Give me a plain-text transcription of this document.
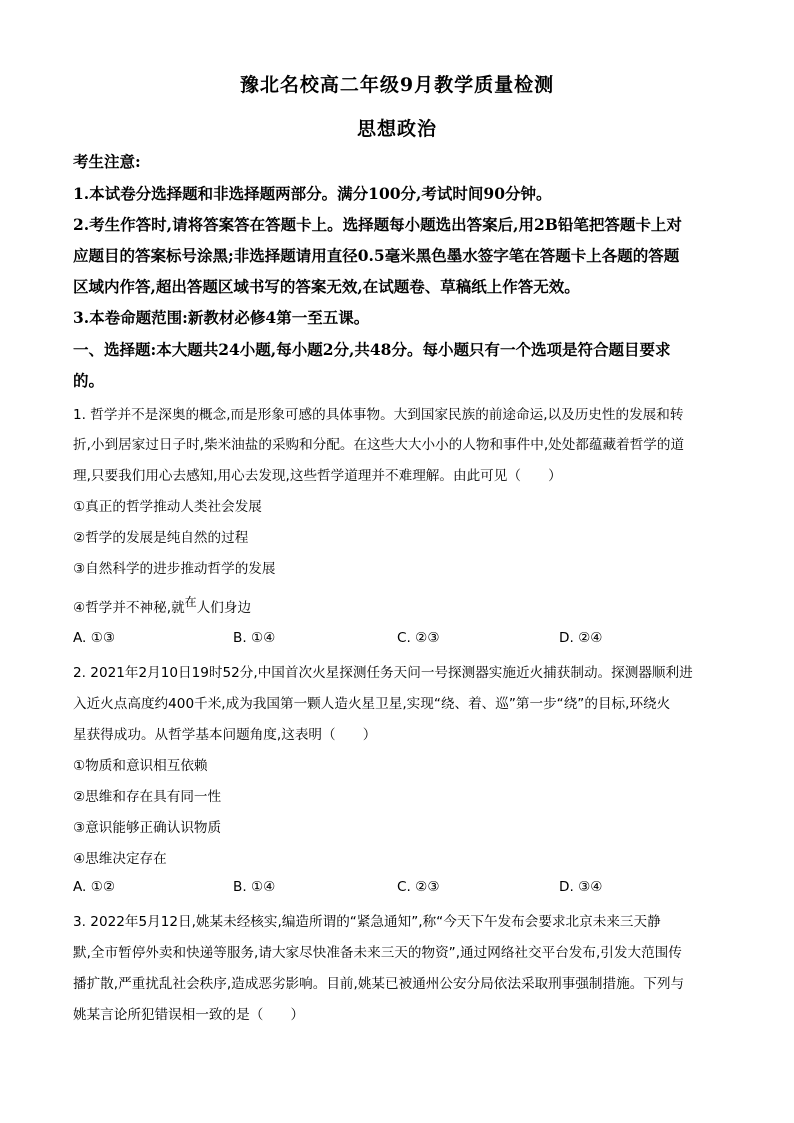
豫北名校高二年级9月教学质量检测
思想政治
考生注意:
1.本试卷分选择题和非选择题两部分。满分100分,考试时间90分钟。
2.考生作答时,请将答案答在答题卡上。选择题每小题选出答案后,用2B铅笔把答题卡上对
应题目的答案标号涂黑;非选择题请用直径0.5毫米黑色墨水签字笔在答题卡上各题的答题
区域内作答,超出答题区域书写的答案无效,在试题卷、草稿纸上作答无效。
3.本卷命题范围:新教材必修4第一至五课。
一、选择题:本大题共24小题,每小题2分,共48分。每小题只有一个选项是符合题目要求
的。
1. 哲学并不是深奥的概念,而是形象可感的具体事物。大到国家民族的前途命运,以及历史性的发展和转
折,小到居家过日子时,柴米油盐的采购和分配。在这些大大小小的人物和事件中,处处都蕴藏着哲学的道
理,只要我们用心去感知,用心去发现,这些哲学道理并不难理解。由此可见（　　）
①真正的哲学推动人类社会发展
②哲学的发展是纯自然的过程
③自然科学的进步推动哲学的发展
④哲学并不神秘,就在人们身边
A. ①③	B. ①④	C. ②③	D. ②④
2. 2021年2月10日19时52分,中国首次火星探测任务天问一号探测器实施近火捕获制动。探测器顺利进
入近火点高度约400千米,成为我国第一颗人造火星卫星,实现“绕、着、巡”第一步“绕”的目标,环绕火
星获得成功。从哲学基本问题角度,这表明（　　）
①物质和意识相互依赖
②思维和存在具有同一性
③意识能够正确认识物质
④思维决定存在
A. ①②	B. ①④	C. ②③	D. ③④
3. 2022年5月12日,姚某未经核实,编造所谓的“紧急通知”,称“今天下午发布会要求北京未来三天静
默,全市暂停外卖和快递等服务,请大家尽快准备未来三天的物资”,通过网络社交平台发布,引发大范围传
播扩散,严重扰乱社会秩序,造成恶劣影响。目前,姚某已被通州公安分局依法采取刑事强制措施。下列与
姚某言论所犯错误相一致的是（　　）
